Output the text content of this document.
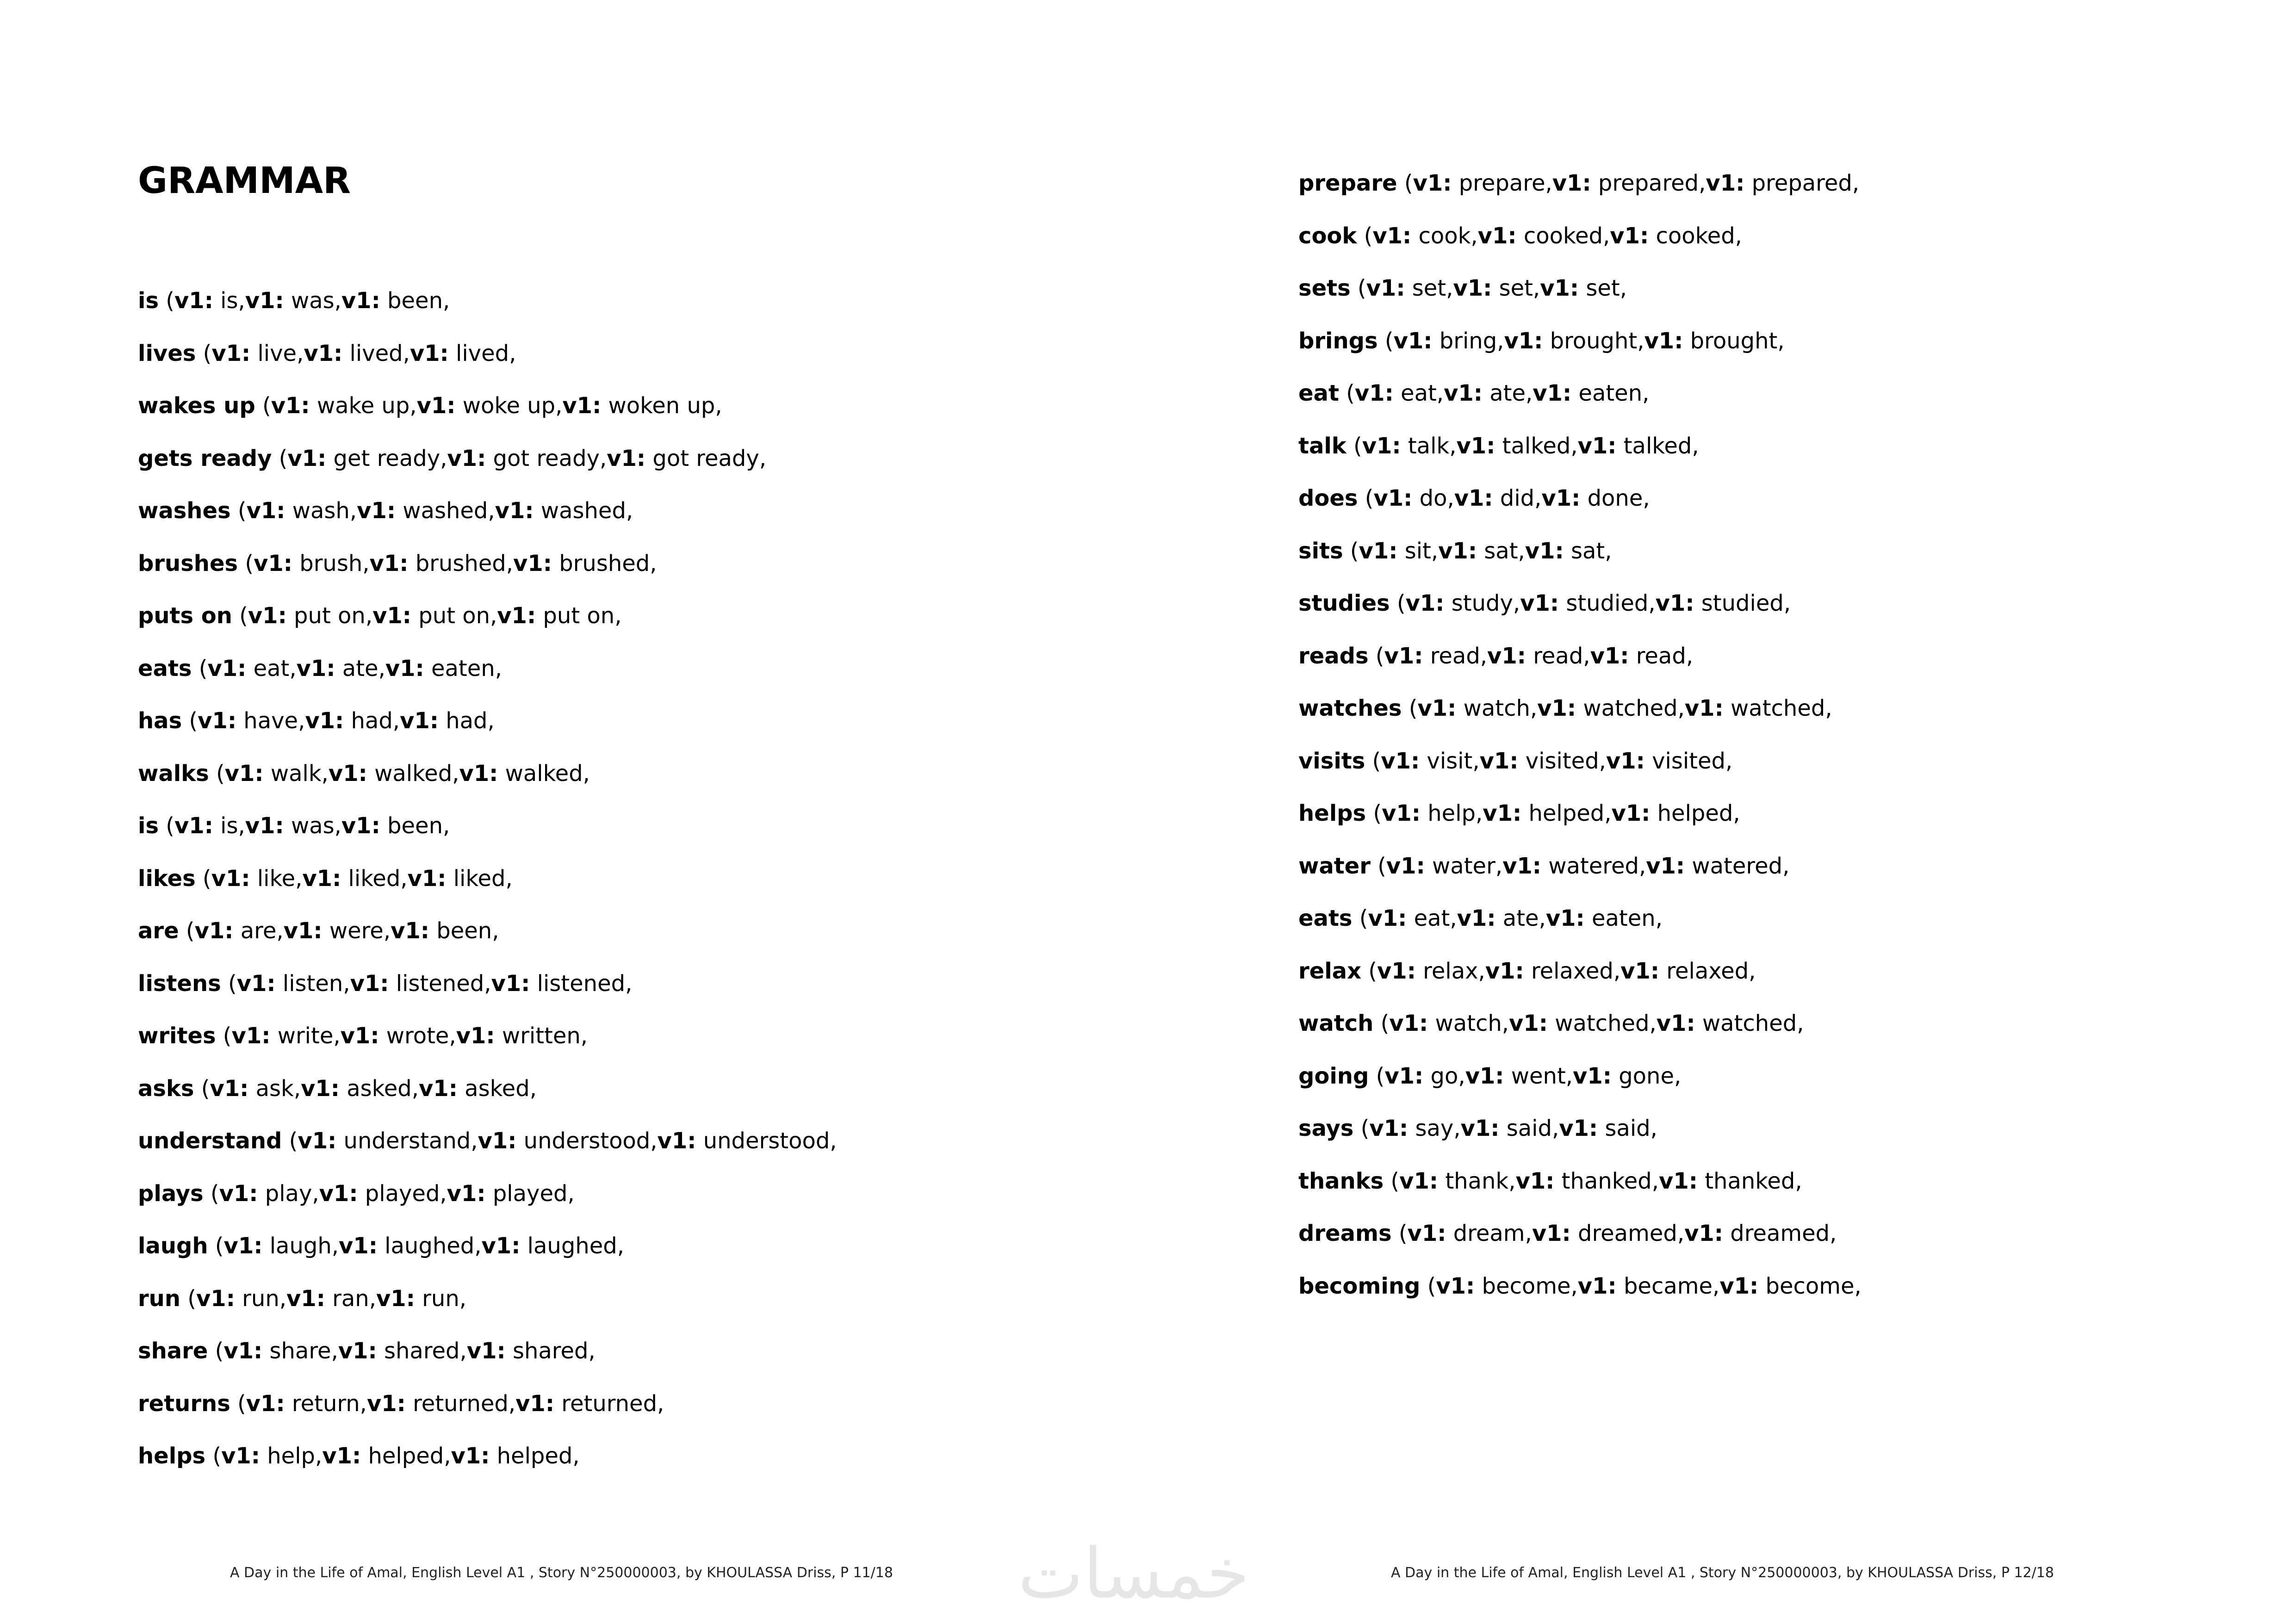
GRAMMAR
is (v1: is,v1: was,v1: been,
lives (v1: live,v1: lived,v1: lived,
wakes up (v1: wake up,v1: woke up,v1: woken up,
gets ready (v1: get ready,v1: got ready,v1: got ready,
washes (v1: wash,v1: washed,v1: washed,
brushes (v1: brush,v1: brushed,v1: brushed,
puts on (v1: put on,v1: put on,v1: put on,
eats (v1: eat,v1: ate,v1: eaten,
has (v1: have,v1: had,v1: had,
walks (v1: walk,v1: walked,v1: walked,
is (v1: is,v1: was,v1: been,
likes (v1: like,v1: liked,v1: liked,
are (v1: are,v1: were,v1: been,
listens (v1: listen,v1: listened,v1: listened,
writes (v1: write,v1: wrote,v1: written,
asks (v1: ask,v1: asked,v1: asked,
understand (v1: understand,v1: understood,v1: understood,
plays (v1: play,v1: played,v1: played,
laugh (v1: laugh,v1: laughed,v1: laughed,
run (v1: run,v1: ran,v1: run,
share (v1: share,v1: shared,v1: shared,
returns (v1: return,v1: returned,v1: returned,
helps (v1: help,v1: helped,v1: helped,
prepare (v1: prepare,v1: prepared,v1: prepared,
cook (v1: cook,v1: cooked,v1: cooked,
sets (v1: set,v1: set,v1: set,
brings (v1: bring,v1: brought,v1: brought,
eat (v1: eat,v1: ate,v1: eaten,
talk (v1: talk,v1: talked,v1: talked,
does (v1: do,v1: did,v1: done,
sits (v1: sit,v1: sat,v1: sat,
studies (v1: study,v1: studied,v1: studied,
reads (v1: read,v1: read,v1: read,
watches (v1: watch,v1: watched,v1: watched,
visits (v1: visit,v1: visited,v1: visited,
helps (v1: help,v1: helped,v1: helped,
water (v1: water,v1: watered,v1: watered,
eats (v1: eat,v1: ate,v1: eaten,
relax (v1: relax,v1: relaxed,v1: relaxed,
watch (v1: watch,v1: watched,v1: watched,
going (v1: go,v1: went,v1: gone,
says (v1: say,v1: said,v1: said,
thanks (v1: thank,v1: thanked,v1: thanked,
dreams (v1: dream,v1: dreamed,v1: dreamed,
becoming (v1: become,v1: became,v1: become,
A Day in the Life of Amal, English Level A1 , Story N°250000003, by KHOULASSA Driss, P 11/18	A Day in the Life of Amal, English Level A1 , Story N°250000003, by KHOULASSA Driss, P 12/18
خمسات
